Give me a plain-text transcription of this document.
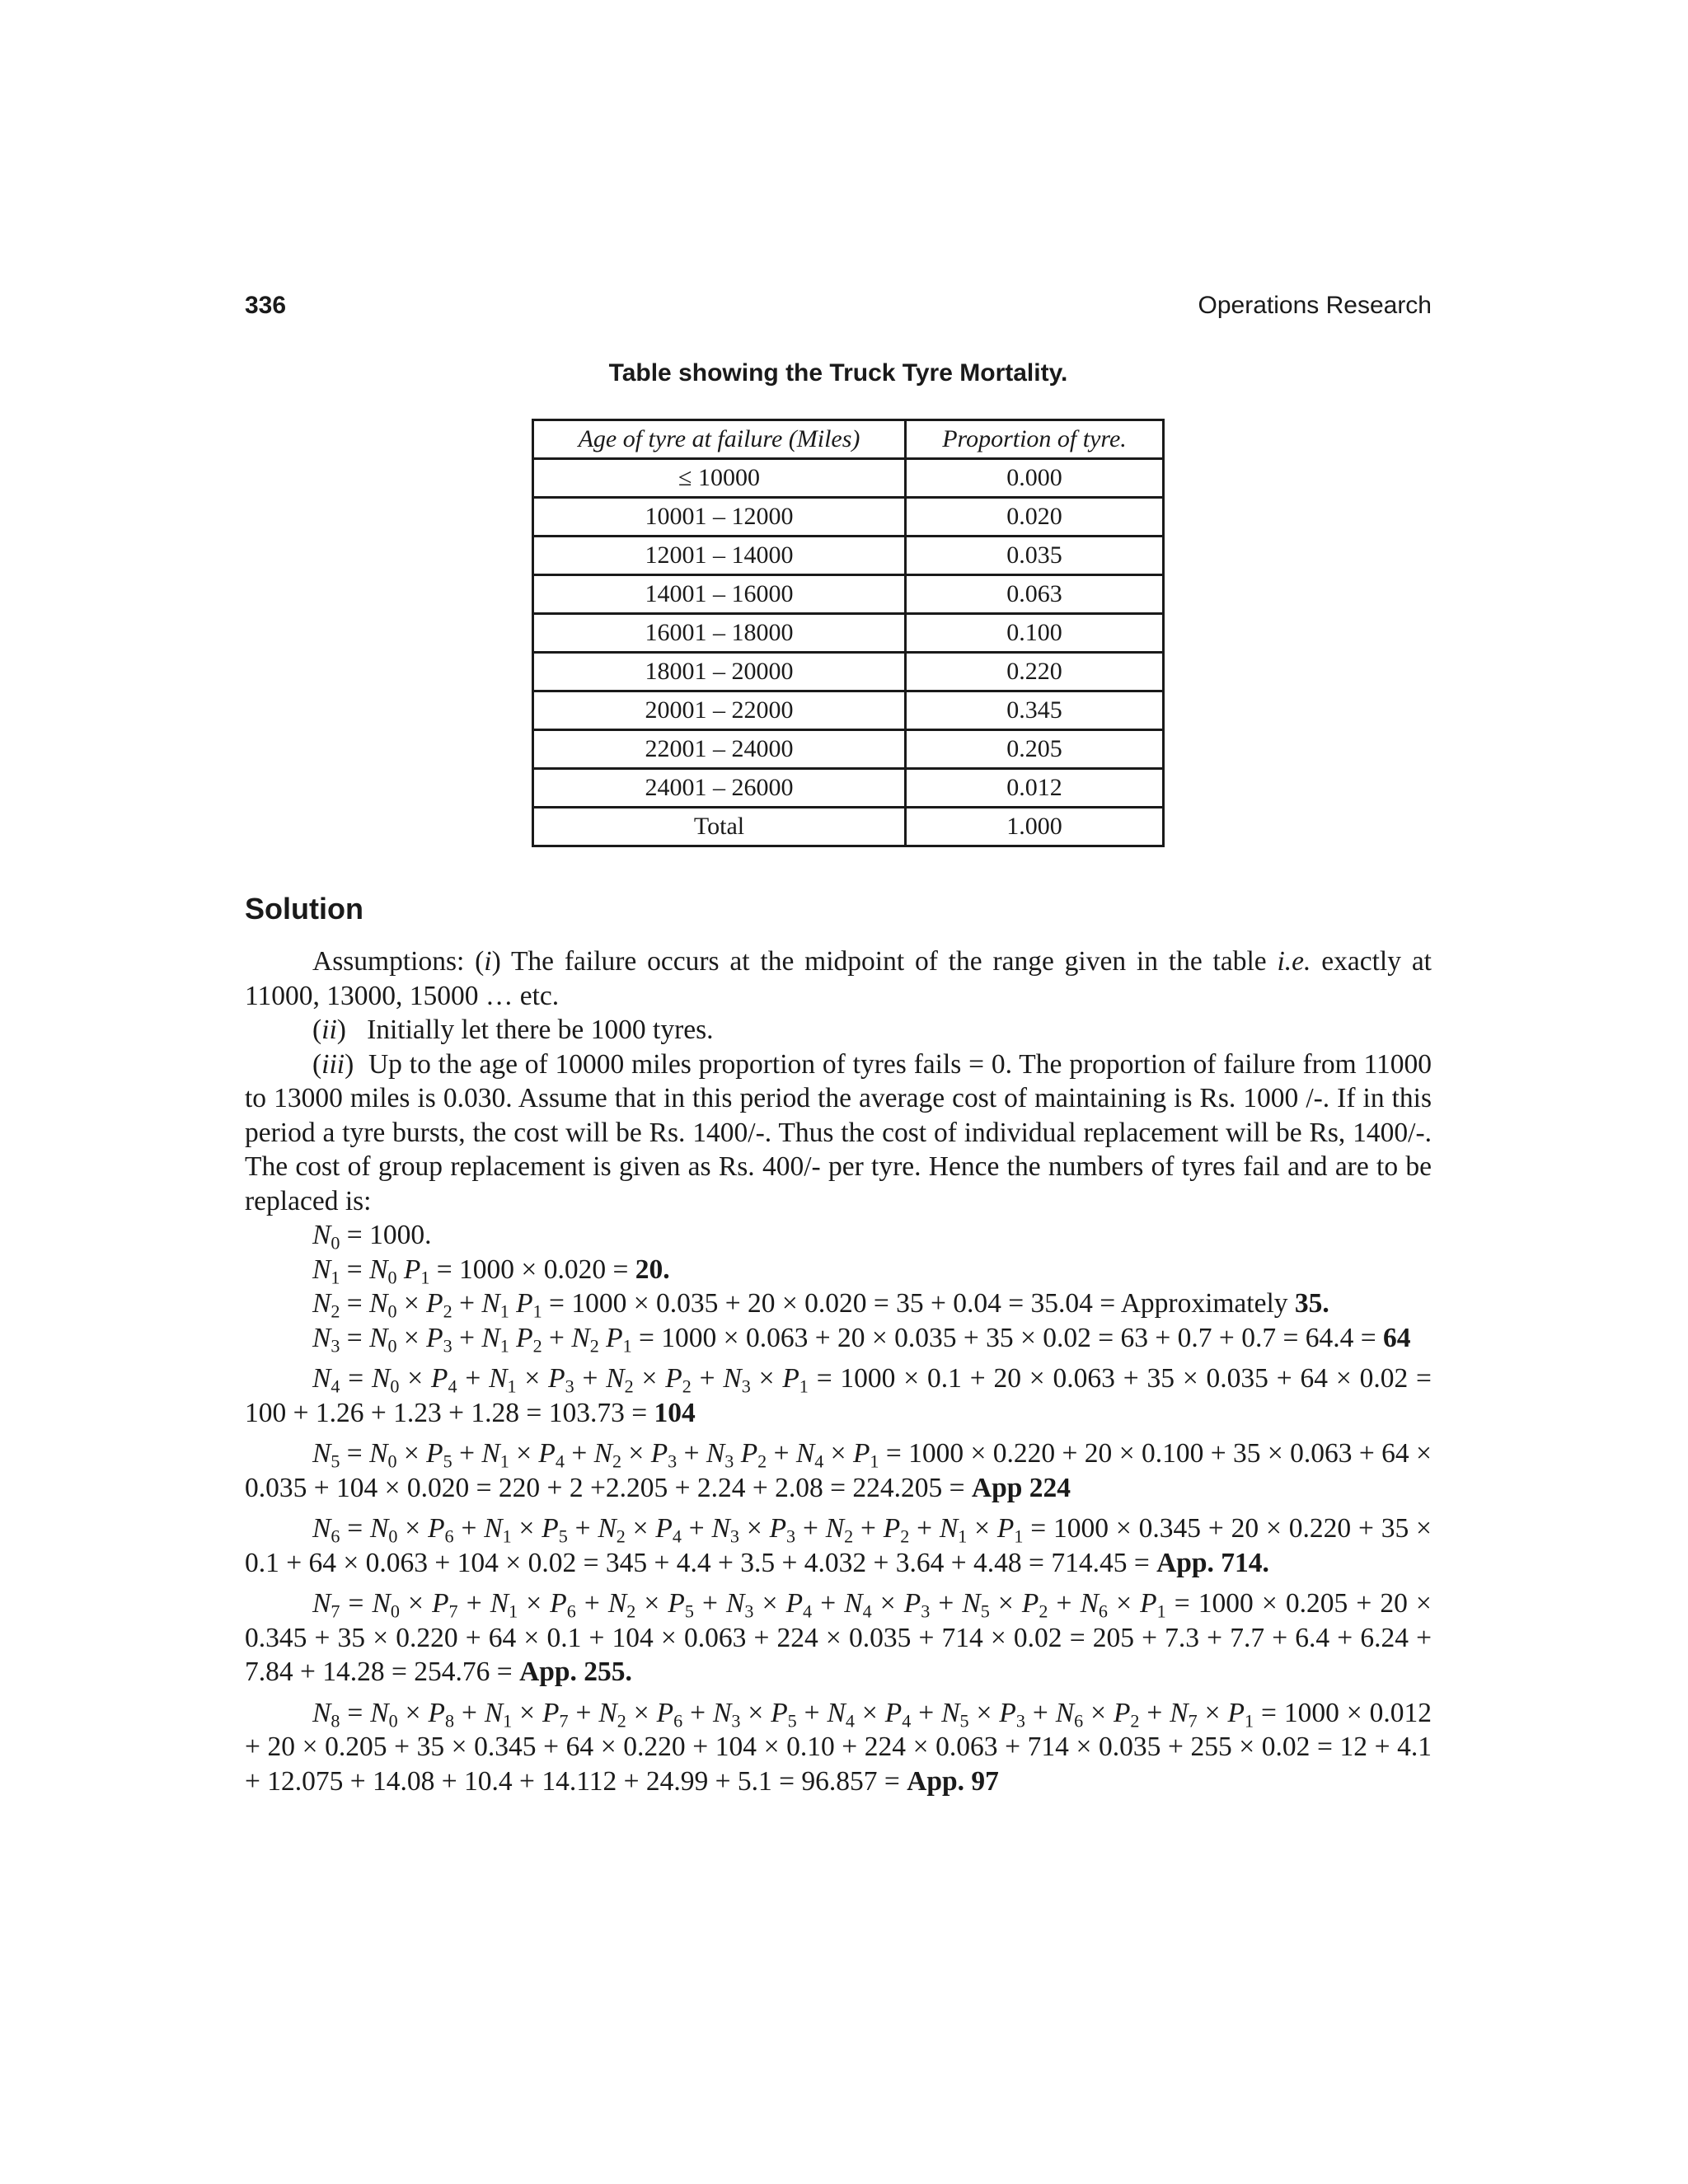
336	Operations Research
Table showing the Truck Tyre Mortality.
Age of tyre at failure (Miles)	Proportion of tyre.
≤ 10000	0.000
10001 – 12000	0.020
12001 – 14000	0.035
14001 – 16000	0.063
16001 – 18000	0.100
18001 – 20000	0.220
20001 – 22000	0.345
22001 – 24000	0.205
24001 – 26000	0.012
Total	1.000
Solution

Assumptions: (i) The failure occurs at the midpoint of the range given in the table i.e. exactly at 11000, 13000, 15000 … etc.

(ii)   Initially let there be 1000 tyres.

(iii)  Up to the age of 10000 miles proportion of tyres fails = 0. The proportion of failure from 11000 to 13000 miles is 0.030. Assume that in this period the average cost of maintaining is Rs. 1000 /-. If in this period a tyre bursts, the cost will be Rs. 1400/-. Thus the cost of individual replacement will be Rs, 1400/-. The cost of group replacement is given as Rs. 400/- per tyre. Hence the numbers of tyres fail and are to be replaced is:

$N_0 = 1000$.

$N_1 = N_0$ $P_1 = 1000 \times 0.020 = 20$.

$N_2 = N_0 \times P_2 + N_1$ $P_1 = 1000 \times 0.035 + 20 \times 0.020 = 35 + 0.04 = 35.04$ = Approximately 35.

$N_3 = N_0 \times P_3 + N_1$ $P_2 + N_2$ $P_1 = 1000 \times 0.063 + 20 \times 0.035 + 35 \times 0.02 = 63 + 0.7 + 0.7 = 64.4 = 64$

$N_4 = N_0 \times P_4 + N_1 \times P_3 + N_2 \times P_2 + N_3 \times P_1 = 1000 \times 0.1 + 20 \times 0.063 + 35 \times 0.035 + 64 \times 0.02 = 100 + 1.26 + 1.23 + 1.28 = 103.73 = 104$

$N_5 = N_0 \times P_5 + N_1 \times P_4 + N_2 \times P_3 + N_3$ $P_2 + N_4 \times P_1 = 1000 \times 0.220 + 20 \times 0.100 + 35 \times 0.063 + 64 \times 0.035 + 104 \times 0.020 = 220 + 2 +2.205 + 2.24 + 2.08 = 224.205$ = App 224

$N_6 = N_0 \times P_6 + N_1 \times P_5 + N_2 \times P_4 + N_3 \times P_3 + N_2 + P_2 + N_1 \times P_1 = 1000 \times 0.345 + 20 \times 0.220 + 35 \times 0.1 + 64 \times 0.063 + 104 \times 0.02 = 345 + 4.4 + 3.5 + 4.032 + 3.64 + 4.48 = 714.45$ = App. 714.

$N_7 = N_0 \times P_7 + N_1 \times P_6 + N_2 \times P_5 + N_3 \times P_4 + N_4 \times P_3 + N_5 \times P_2 + N_6 \times P_1 = 1000 \times 0.205 + 20 \times 0.345 + 35 \times 0.220 + 64 \times 0.1 + 104 \times 0.063 + 224 \times 0.035 + 714 \times 0.02 = 205 + 7.3$ + 7.7 + 6.4 + 6.24 + 7.84 + 14.28 = 254.76 = App. 255.

$N_8 = N_0 \times P_8 + N_1 \times P_7 + N_2 \times P_6 + N_3 \times P_5 + N_4 \times P_4 + N_5 \times P_3 + N_6 \times P_2 + N_7 \times P_1 = 1000 \times 0.012 + 20 \times 0.205 + 35 \times 0.345 + 64 \times 0.220 + 104 \times 0.10 + 224 \times 0.063 + 714 \times 0.035$ + 255 × 0.02 = 12 + 4.1 + 12.075 + 14.08 + 10.4 + 14.112 + 24.99 + 5.1 = 96.857 = App. 97
